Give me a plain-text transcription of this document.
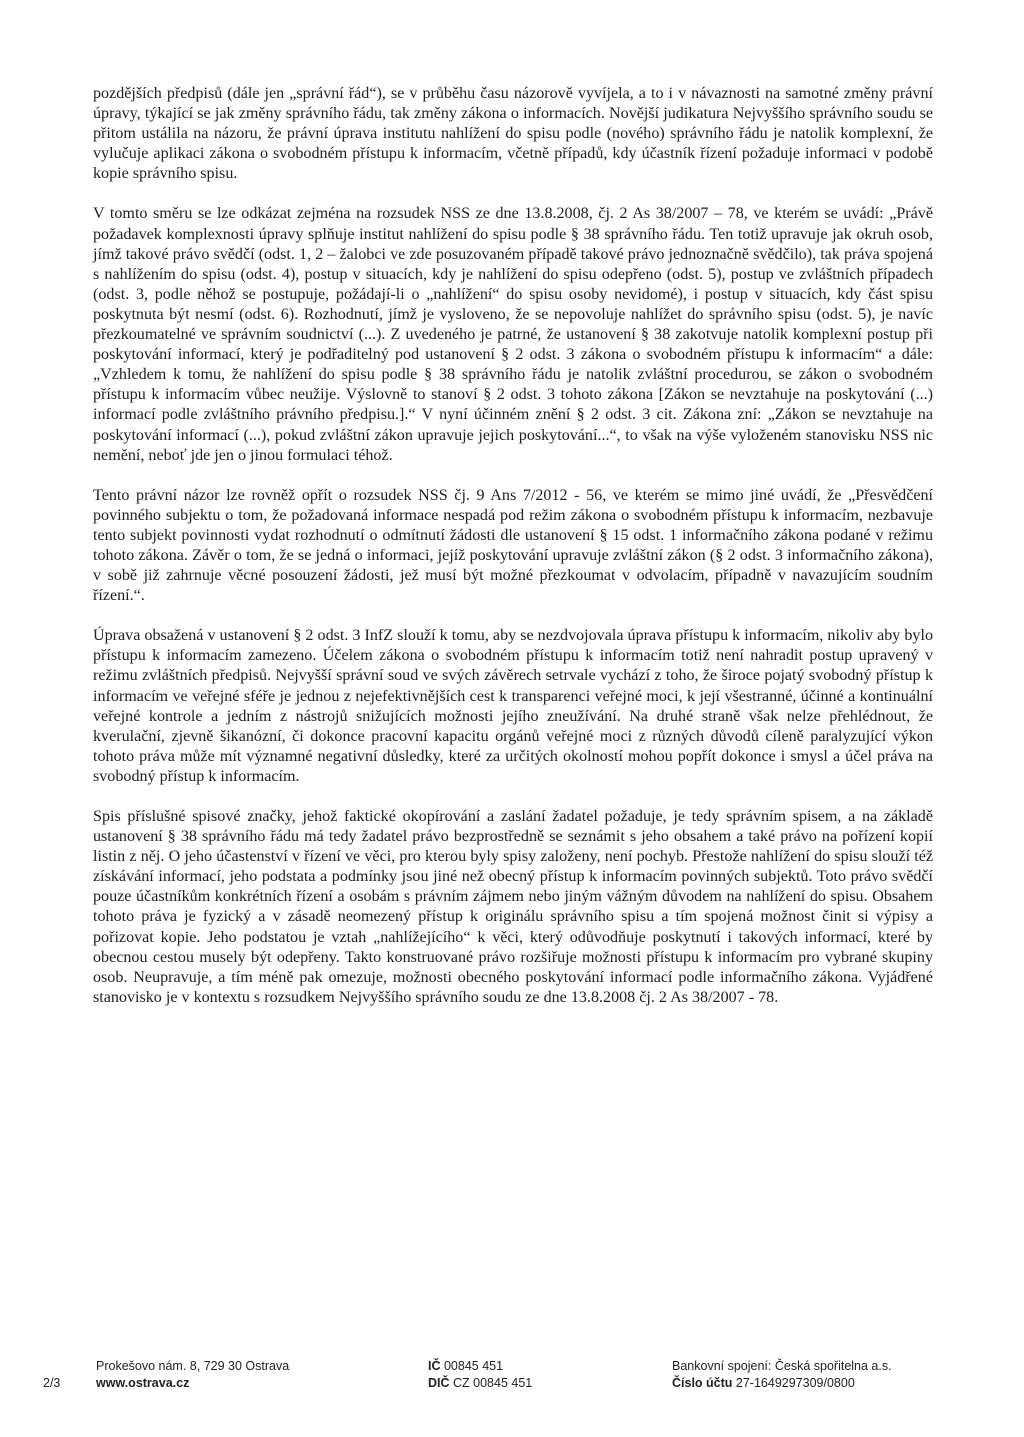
pozdějších předpisů (dále jen „správní řád“), se v průběhu času názorově vyvíjela, a to i v návaznosti na samotné změny právní úpravy, týkající se jak změny správního řádu, tak změny zákona o informacích. Novější judikatura Nejvyššího správního soudu se přitom ustálila na názoru, že právní úprava institutu nahlížení do spisu podle (nového) správního řádu je natolik komplexní, že vylučuje aplikaci zákona o svobodném přístupu k informacím, včetně případů, kdy účastník řízení požaduje informaci v podobě kopie správního spisu.

V tomto směru se lze odkázat zejména na rozsudek NSS ze dne 13.8.2008, čj. 2 As 38/2007 – 78, ve kterém se uvádí: „Právě požadavek komplexnosti úpravy splňuje institut nahlížení do spisu podle § 38 správního řádu. Ten totiž upravuje jak okruh osob, jímž takové právo svědčí (odst. 1, 2 – žalobci ve zde posuzovaném případě takové právo jednoznačně svědčilo), tak práva spojená s nahlížením do spisu (odst. 4), postup v situacích, kdy je nahlížení do spisu odepřeno (odst. 5), postup ve zvláštních případech (odst. 3, podle něhož se postupuje, požádají-li o „nahlížení“ do spisu osoby nevidomé), i postup v situacích, kdy část spisu poskytnuta být nesmí (odst. 6). Rozhodnutí, jímž je vysloveno, že se nepovoluje nahlížet do správního spisu (odst. 5), je navíc přezkoumatelné ve správním soudnictví (...). Z uvedeného je patrné, že ustanovení § 38 zakotvuje natolik komplexní postup při poskytování informací, který je podřaditelný pod ustanovení § 2 odst. 3 zákona o svobodném přístupu k informacím“ a dále: „Vzhledem k tomu, že nahlížení do spisu podle § 38 správního řádu je natolik zvláštní procedurou, se zákon o svobodném přístupu k informacím vůbec neužije. Výslovně to stanoví § 2 odst. 3 tohoto zákona [Zákon se nevztahuje na poskytování (...) informací podle zvláštního právního předpisu.].“ V nyní účinném znění § 2 odst. 3 cit. Zákona zní: „Zákon se nevztahuje na poskytování informací (...), pokud zvláštní zákon upravuje jejich poskytování...“, to však na výše vyloženém stanovisku NSS nic nemění, neboť jde jen o jinou formulaci téhož.

Tento právní názor lze rovněž opřít o rozsudek NSS čj. 9 Ans 7/2012 - 56, ve kterém se mimo jiné uvádí, že „Přesvědčení povinného subjektu o tom, že požadovaná informace nespadá pod režim zákona o svobodném přístupu k informacím, nezbavuje tento subjekt povinnosti vydat rozhodnutí o odmítnutí žádosti dle ustanovení § 15 odst. 1 informačního zákona podané v režimu tohoto zákona. Závěr o tom, že se jedná o informaci, jejíž poskytování upravuje zvláštní zákon (§ 2 odst. 3 informačního zákona), v sobě již zahrnuje věcné posouzení žádosti, jež musí být možné přezkoumat v odvolacím, případně v navazujícím soudním řízení.“.

Úprava obsažená v ustanovení § 2 odst. 3 InfZ slouží k tomu, aby se nezdvojovala úprava přístupu k informacím, nikoliv aby bylo přístupu k informacím zamezeno. Účelem zákona o svobodném přístupu k informacím totiž není nahradit postup upravený v režimu zvláštních předpisů. Nejvyšší správní soud ve svých závěrech setrvale vychází z toho, že široce pojatý svobodný přístup k informacím ve veřejné sféře je jednou z nejefektivnějších cest k transparenci veřejné moci, k její všestranné, účinné a kontinuální veřejné kontrole a jedním z nástrojů snižujících možnosti jejího zneužívání. Na druhé straně však nelze přehlédnout, že kverulační, zjevně šikanózní, či dokonce pracovní kapacitu orgánů veřejné moci z různých důvodů cíleně paralyzující výkon tohoto práva může mít významné negativní důsledky, které za určitých okolností mohou popřít dokonce i smysl a účel práva na svobodný přístup k informacím.

Spis příslušné spisové značky, jehož faktické okopírování a zaslání žadatel požaduje, je tedy správním spisem, a na základě ustanovení § 38 správního řádu má tedy žadatel právo bezprostředně se seznámit s jeho obsahem a také právo na pořízení kopií listin z něj. O jeho účastenství v řízení ve věci, pro kterou byly spisy založeny, není pochyb. Přestože nahlížení do spisu slouží též získávání informací, jeho podstata a podmínky jsou jiné než obecný přístup k informacím povinných subjektů. Toto právo svědčí pouze účastníkům konkrétních řízení a osobám s právním zájmem nebo jiným vážným důvodem na nahlížení do spisu. Obsahem tohoto práva je fyzický a v zásadě neomezený přístup k originálu správního spisu a tím spojená možnost činit si výpisy a pořizovat kopie. Jeho podstatou je vztah „nahlížejícího“ k věci, který odůvodňuje poskytnutí i takových informací, které by obecnou cestou musely být odepřeny. Takto konstruované právo rozšiřuje možnosti přístupu k informacím pro vybrané skupiny osob. Neupravuje, a tím méně pak omezuje, možnosti obecného poskytování informací podle informačního zákona. Vyjádřené stanovisko je v kontextu s rozsudkem Nejvyššího správního soudu ze dne 13.8.2008 čj. 2 As 38/2007 - 78.

2/3
Prokešovo nám. 8, 729 30 Ostrava
www.ostrava.cz
IČ 00845 451
DIČ CZ 00845 451
Bankovní spojení: Česká spořitelna a.s.
Číslo účtu 27-1649297309/0800
